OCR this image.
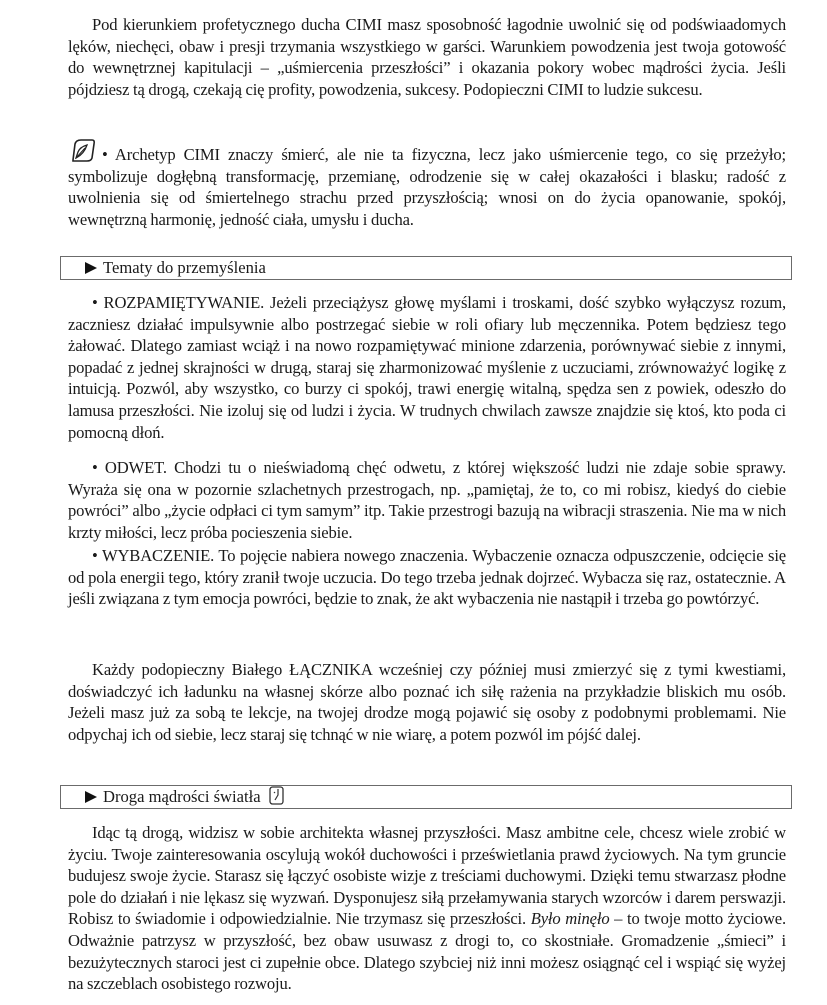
Pod kierunkiem profetycznego ducha CIMI masz sposobność łagodnie uwolnić się od podświaadomych lęków, niechęci, obaw i presji trzymania wszystkiego w garści. Warunkiem powodzenia jest twoja gotowość do wewnętrznej kapitulacji – „uśmiercenia przeszłości” i okazania pokory wobec mądrości życia. Jeśli pójdziesz tą drogą, czekają cię profity, powodzenia, sukcesy. Podopieczni CIMI to ludzie sukcesu.

• Archetyp CIMI znaczy śmierć, ale nie ta fizyczna, lecz jako uśmiercenie tego, co się przeżyło; symbolizuje dogłębną transformację, przemianę, odrodzenie się w całej okazałości i blasku; radość z uwolnienia się od śmiertelnego strachu przed przyszłością; wnosi on do życia opanowanie, spokój, wewnętrzną harmonię, jedność ciała, umysłu i ducha.

Tematy do przemyślenia

• ROZPAMIĘTYWANIE. Jeżeli przeciążysz głowę myślami i troskami, dość szybko wyłączysz rozum, zaczniesz działać impulsywnie albo postrzegać siebie w roli ofiary lub męczennika. Potem będziesz tego żałować. Dlatego zamiast wciąż i na nowo rozpamiętywać minione zdarzenia, porównywać siebie z innymi, popadać z jednej skrajności w drugą, staraj się zharmonizować myślenie z uczuciami, zrównoważyć logikę z intuicją. Pozwól, aby wszystko, co burzy ci spokój, trawi energię witalną, spędza sen z powiek, odeszło do lamusa przeszłości. Nie izoluj się od ludzi i życia. W trudnych chwilach zawsze znajdzie się ktoś, kto poda ci pomocną dłoń.

• ODWET. Chodzi tu o nieświadomą chęć odwetu, z której większość ludzi nie zdaje sobie sprawy. Wyraża się ona w pozornie szlachetnych przestrogach, np. „pamiętaj, że to, co mi robisz, kiedyś do ciebie powróci” albo „życie odpłaci ci tym samym” itp. Takie przestrogi bazują na wibracji straszenia. Nie ma w nich krzty miłości, lecz próba pocieszenia siebie.

• WYBACZENIE. To pojęcie nabiera nowego znaczenia. Wybaczenie oznacza odpuszczenie, odcięcie się od pola energii tego, który zranił twoje uczucia. Do tego trzeba jednak dojrzeć. Wybacza się raz, ostatecznie. A jeśli związana z tym emocja powróci, będzie to znak, że akt wybaczenia nie nastąpił i trzeba go powtórzyć.

Każdy podopieczny Białego ŁĄCZNIKA wcześniej czy później musi zmierzyć się z tymi kwestiami, doświadczyć ich ładunku na własnej skórze albo poznać ich siłę rażenia na przykładzie bliskich mu osób. Jeżeli masz już za sobą te lekcje, na twojej drodze mogą pojawić się osoby z podobnymi problemami. Nie odpychaj ich od siebie, lecz staraj się tchnąć w nie wiarę, a potem pozwól im pójść dalej.

Droga mądrości światła

Idąc tą drogą, widzisz w sobie architekta własnej przyszłości. Masz ambitne cele, chcesz wiele zrobić w życiu. Twoje zainteresowania oscylują wokół duchowości i prześwietlania prawd życiowych. Na tym gruncie budujesz swoje życie. Starasz się łączyć osobiste wizje z treściami duchowymi. Dzięki temu stwarzasz płodne pole do działań i nie lękasz się wyzwań. Dysponujesz siłą przełamywania starych wzorców i darem perswazji. Robisz to świadomie i odpowiedzialnie. Nie trzymasz się przeszłości. Było minęło – to twoje motto życiowe. Odważnie patrzysz w przyszłość, bez obaw usuwasz z drogi to, co skostniałe. Gromadzenie „śmieci” i bezużytecznych staroci jest ci zupełnie obce. Dlatego szybciej niż inni możesz osiągnąć cel i wspiąć się wyżej na szczeblach osobistego rozwoju.
